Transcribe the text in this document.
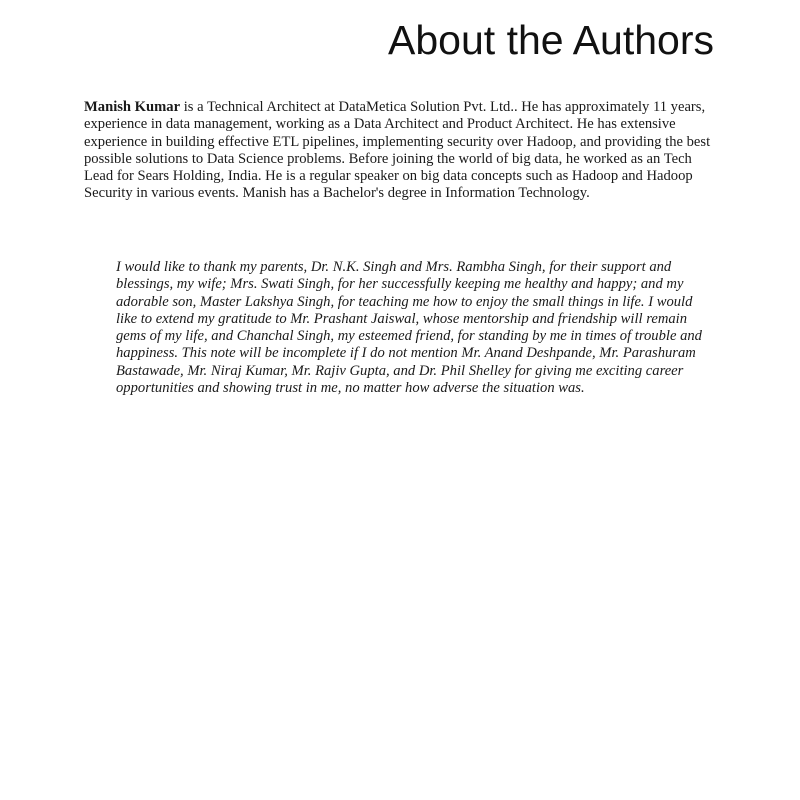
About the Authors

Manish Kumar is a Technical Architect at DataMetica Solution Pvt. Ltd.. He has approximately 11 years, experience in data management, working as a Data Architect and Product Architect. He has extensive experience in building effective ETL pipelines, implementing security over Hadoop, and providing the best possible solutions to Data Science problems. Before joining the world of big data, he worked as an Tech Lead for Sears Holding, India. He is a regular speaker on big data concepts such as Hadoop and Hadoop Security in various events. Manish has a Bachelor's degree in Information Technology.

I would like to thank my parents, Dr. N.K. Singh and Mrs. Rambha Singh, for their support and blessings, my wife; Mrs. Swati Singh, for her successfully keeping me healthy and happy; and my adorable son, Master Lakshya Singh, for teaching me how to enjoy the small things in life. I would like to extend my gratitude to Mr. Prashant Jaiswal, whose mentorship and friendship will remain gems of my life, and Chanchal Singh, my esteemed friend, for standing by me in times of trouble and happiness. This note will be incomplete if I do not mention Mr. Anand Deshpande, Mr. Parashuram Bastawade, Mr. Niraj Kumar, Mr. Rajiv Gupta, and Dr. Phil Shelley for giving me exciting career opportunities and showing trust in me, no matter how adverse the situation was.
